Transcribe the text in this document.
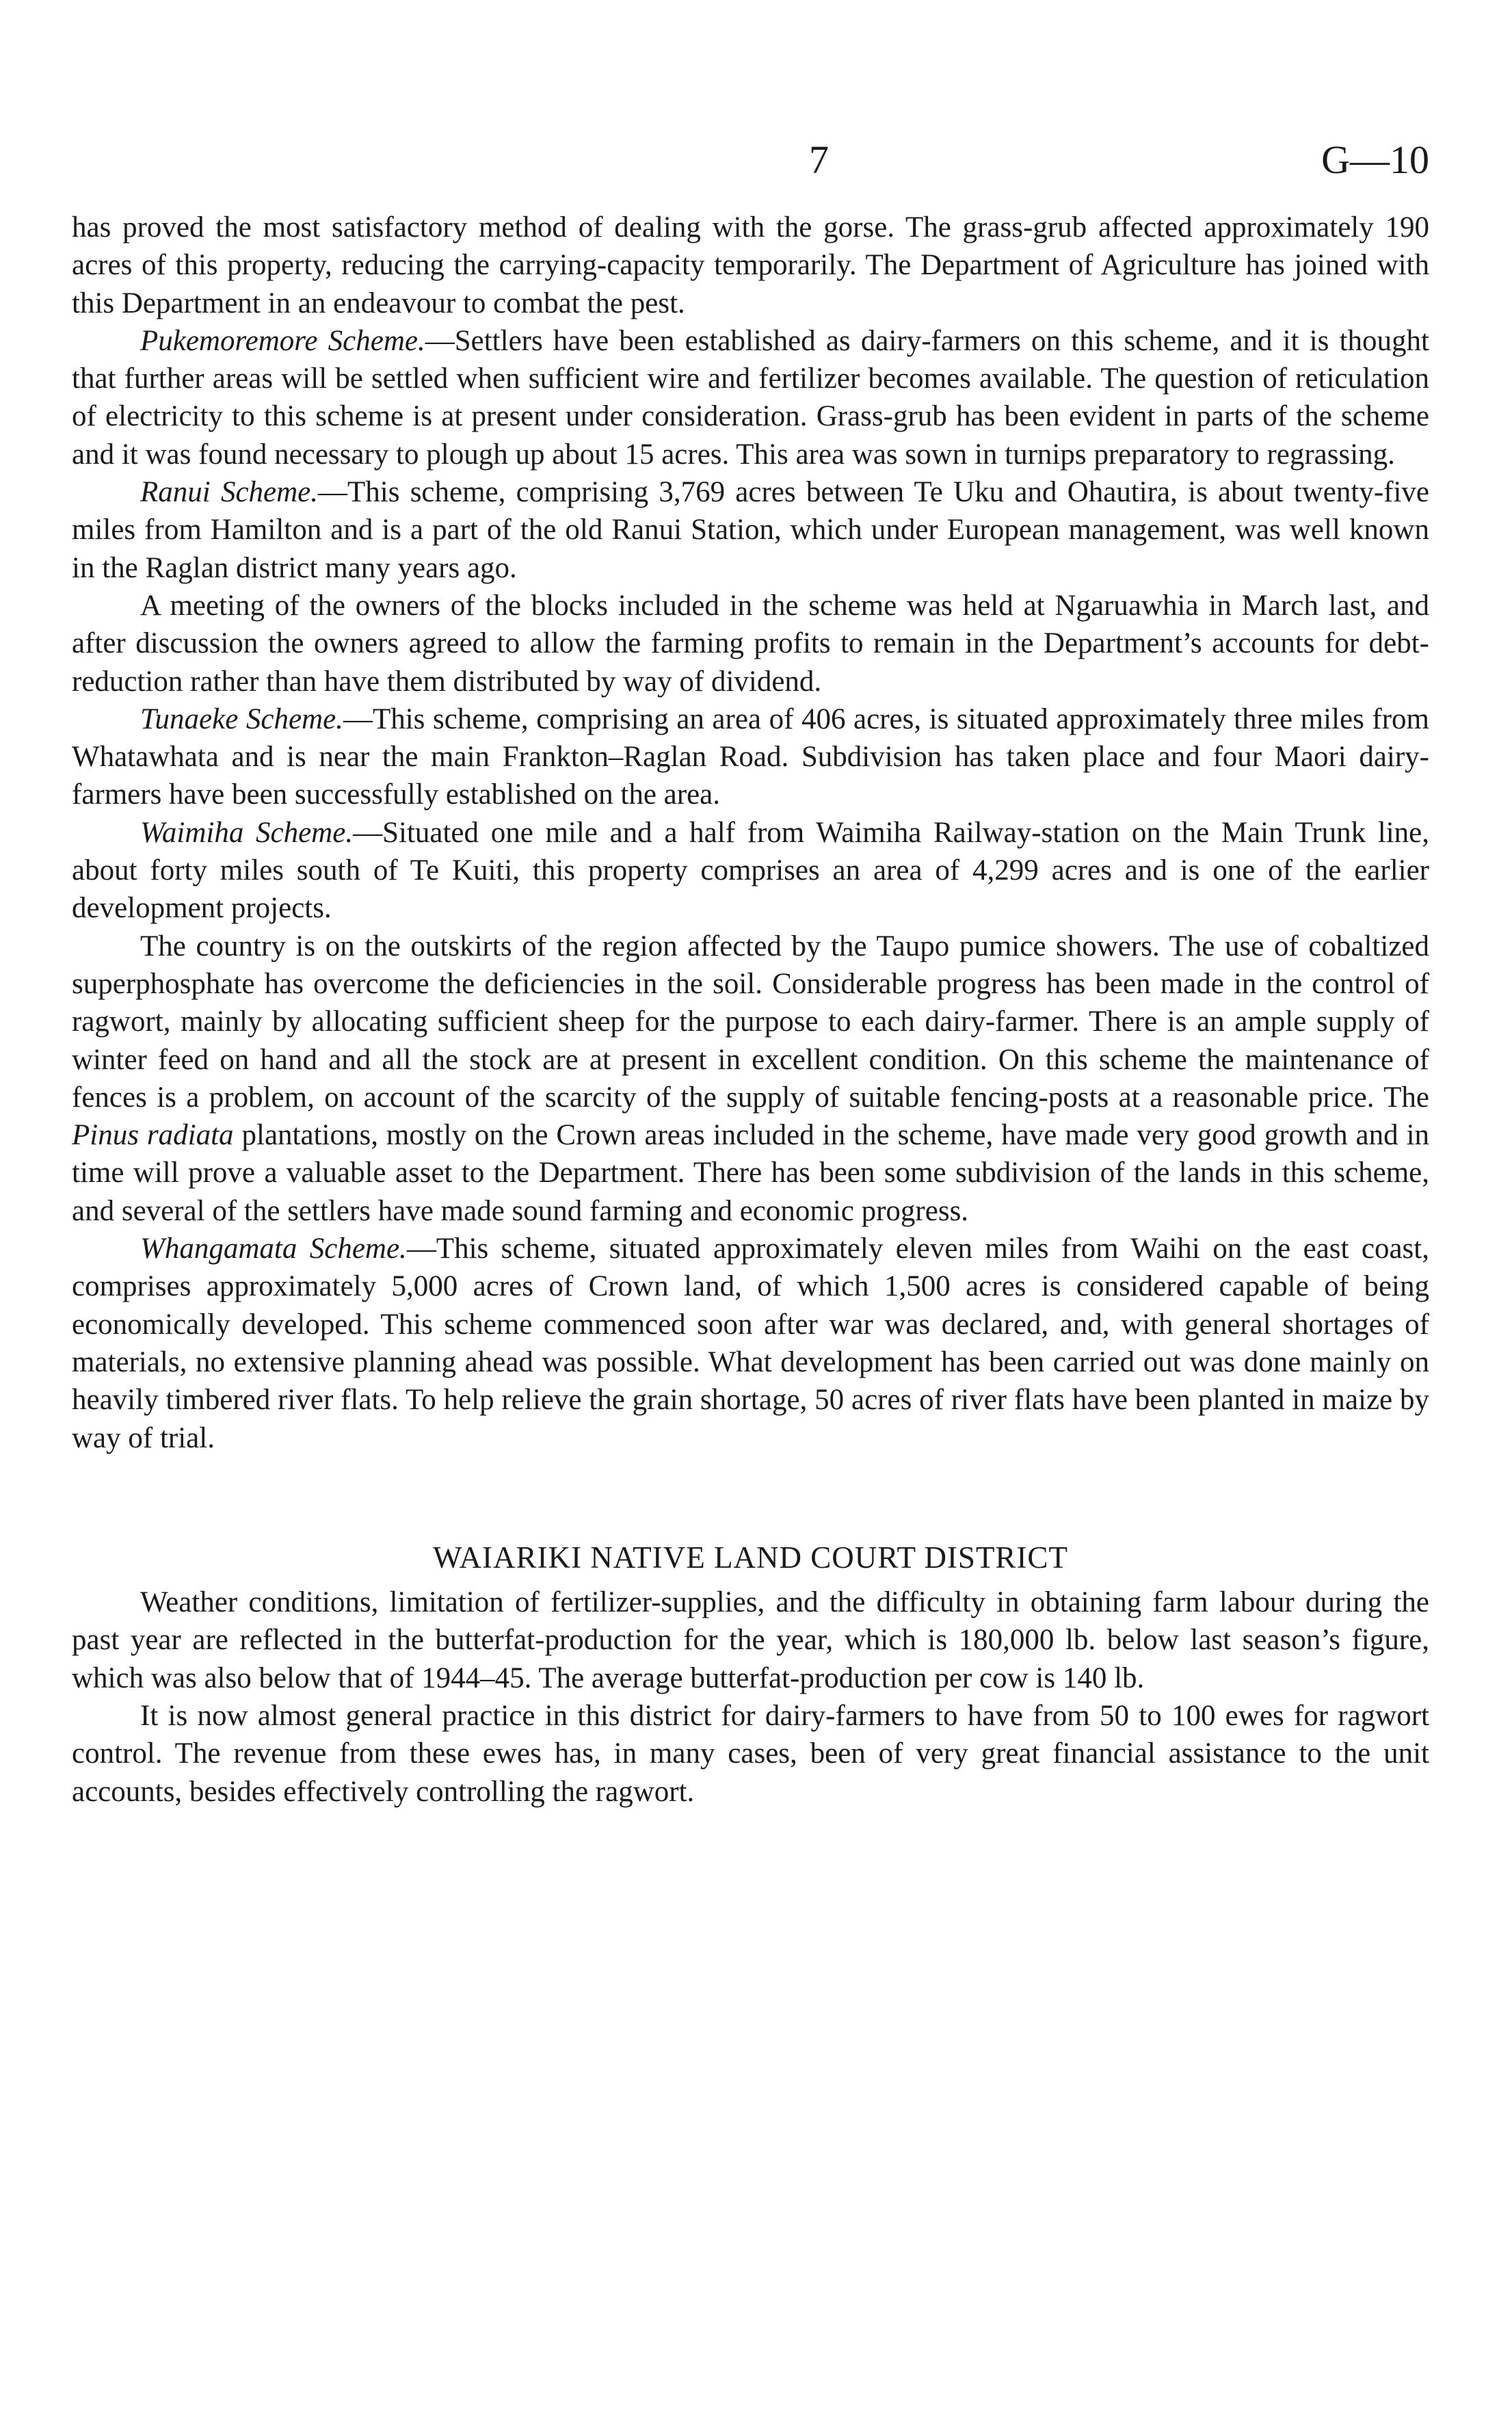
7	G—10

has proved the most satisfactory method of dealing with the gorse. The grass-grub affected approximately 190 acres of this property, reducing the carrying-capacity temporarily. The Department of Agriculture has joined with this Department in an endeavour to combat the pest.

Pukemoremore Scheme.—Settlers have been established as dairy-farmers on this scheme, and it is thought that further areas will be settled when sufficient wire and fertilizer becomes available. The question of reticulation of electricity to this scheme is at present under consideration. Grass-grub has been evident in parts of the scheme and it was found necessary to plough up about 15 acres. This area was sown in turnips preparatory to regrassing.

Ranui Scheme.—This scheme, comprising 3,769 acres between Te Uku and Ohautira, is about twenty-five miles from Hamilton and is a part of the old Ranui Station, which under European management, was well known in the Raglan district many years ago.

A meeting of the owners of the blocks included in the scheme was held at Ngaruawhia in March last, and after discussion the owners agreed to allow the farming profits to remain in the Department’s accounts for debt-reduction rather than have them distributed by way of dividend.

Tunaeke Scheme.—This scheme, comprising an area of 406 acres, is situated approximately three miles from Whatawhata and is near the main Frankton–Raglan Road. Subdivision has taken place and four Maori dairy-farmers have been successfully established on the area.

Waimiha Scheme.—Situated one mile and a half from Waimiha Railway-station on the Main Trunk line, about forty miles south of Te Kuiti, this property comprises an area of 4,299 acres and is one of the earlier development projects.

The country is on the outskirts of the region affected by the Taupo pumice showers. The use of cobaltized superphosphate has overcome the deficiencies in the soil. Considerable progress has been made in the control of ragwort, mainly by allocating sufficient sheep for the purpose to each dairy-farmer. There is an ample supply of winter feed on hand and all the stock are at present in excellent condition. On this scheme the maintenance of fences is a problem, on account of the scarcity of the supply of suitable fencing-posts at a reasonable price. The Pinus radiata plantations, mostly on the Crown areas included in the scheme, have made very good growth and in time will prove a valuable asset to the Department. There has been some subdivision of the lands in this scheme, and several of the settlers have made sound farming and economic progress.

Whangamata Scheme.—This scheme, situated approximately eleven miles from Waihi on the east coast, comprises approximately 5,000 acres of Crown land, of which 1,500 acres is considered capable of being economically developed. This scheme commenced soon after war was declared, and, with general shortages of materials, no extensive planning ahead was possible. What development has been carried out was done mainly on heavily timbered river flats. To help relieve the grain shortage, 50 acres of river flats have been planted in maize by way of trial.

WAIARIKI NATIVE LAND COURT DISTRICT

Weather conditions, limitation of fertilizer-supplies, and the difficulty in obtaining farm labour during the past year are reflected in the butterfat-production for the year, which is 180,000 lb. below last season’s figure, which was also below that of 1944–45. The average butterfat-production per cow is 140 lb.

It is now almost general practice in this district for dairy-farmers to have from 50 to 100 ewes for ragwort control. The revenue from these ewes has, in many cases, been of very great financial assistance to the unit accounts, besides effectively controlling the ragwort.
